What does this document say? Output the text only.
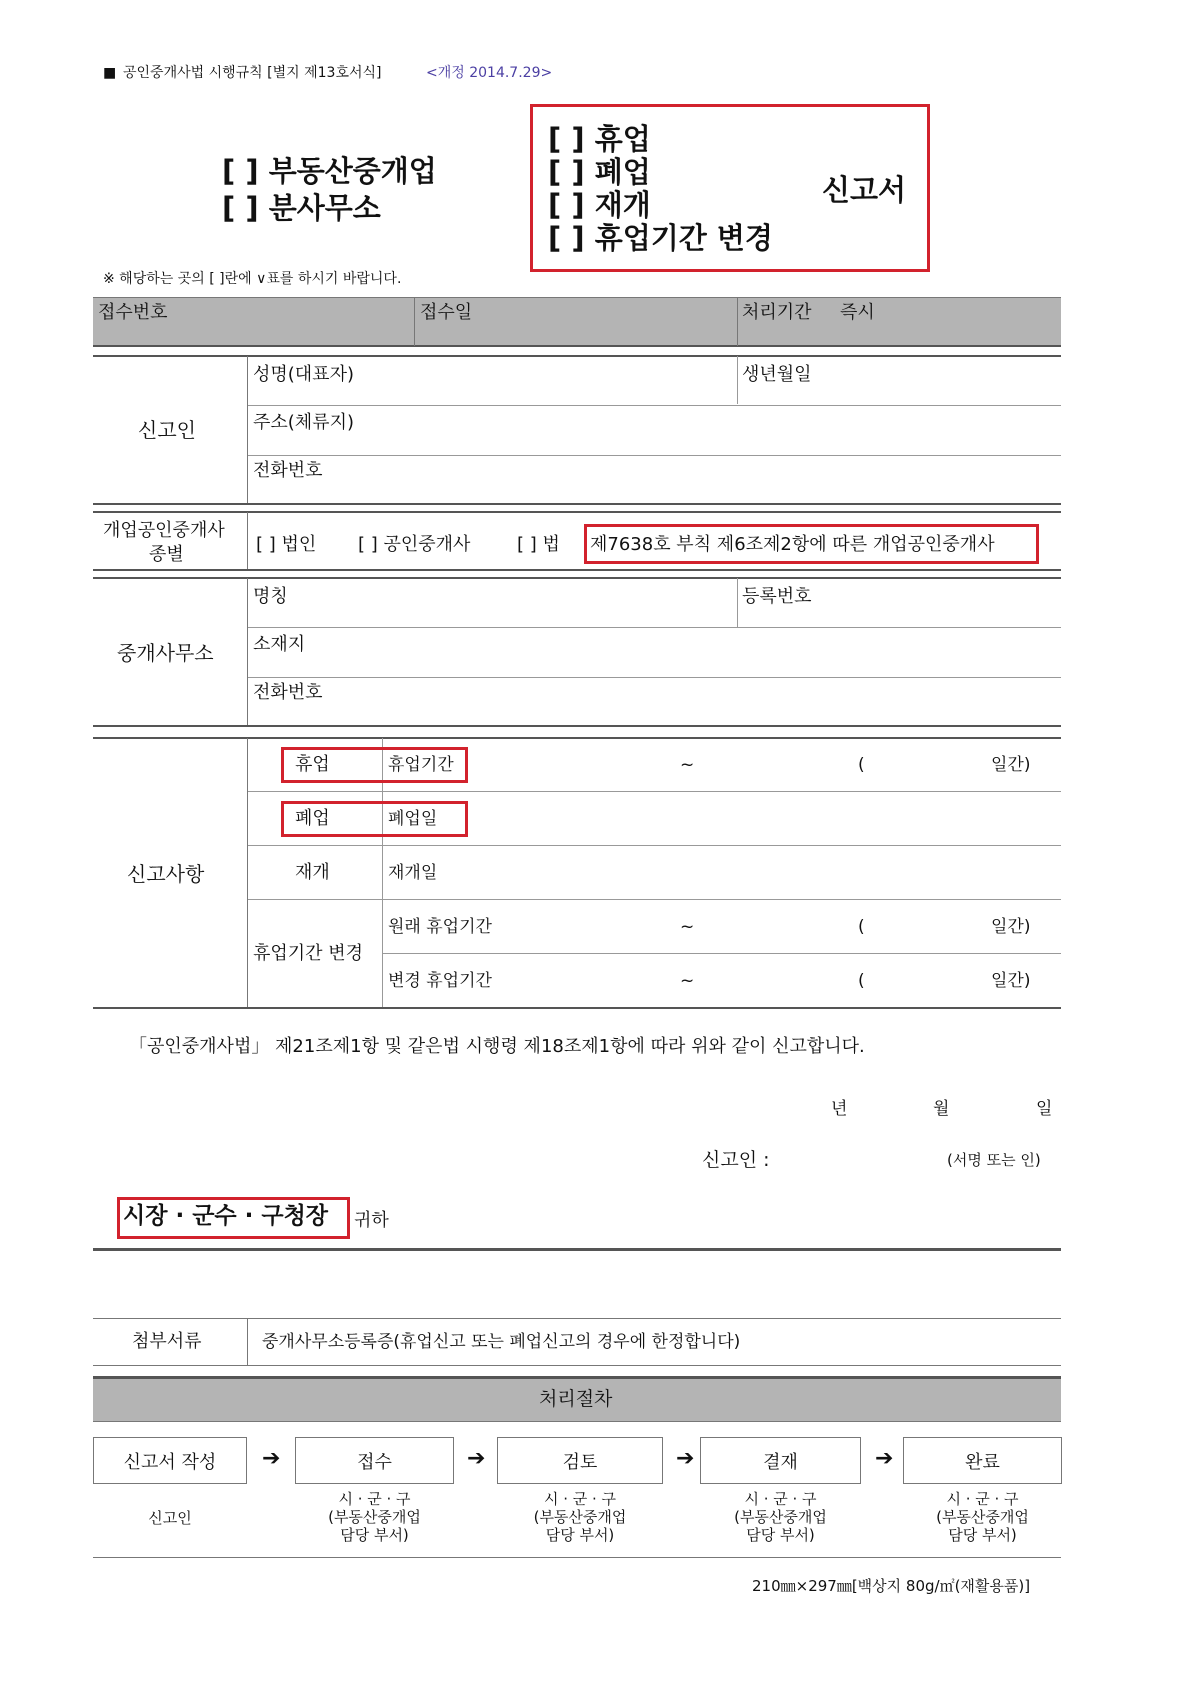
■ 공인중개사법 시행규칙 [별지 제13호서식]	<개정 2014.7.29>
[ ] 부동산중개업
[ ] 분사무소
[ ] 휴업
[ ] 폐업
[ ] 재개
[ ] 휴업기간 변경
신고서
※ 해당하는 곳의 [ ]란에 ∨표를 하시기 바랍니다.
접수번호	접수일	처리기간 즉시
신고인
성명(대표자)	생년월일
주소(체류지)
전화번호
개업공인중개사
종별	[ ] 법인 [ ] 공인중개사	[ ] 법 제7638호 부칙 제6조제2항에 따른 개업공인중개사
중개사무소
명칭	등록번호
소재지
전화번호
신고사항
휴업	휴업기간	~	(	일간)
폐업	폐업일
재개	재개일
휴업기간 변경
원래 휴업기간	~	(	일간)
변경 휴업기간	~	(	일간)
「공인중개사법」 제21조제1항 및 같은법 시행령 제18조제1항에 따라 위와 같이 신고합니다.
년	월	일
신고인 :	(서명 또는 인)
시장 · 군수 · 구청장 귀하
첨부서류	중개사무소등록증(휴업신고 또는 폐업신고의 경우에 한정합니다)
처리절차
신고서 작성 ➔	접수	➔	검토	➔	결재	➔	완료
신고인
시 · 군 · 구
(부동산중개업
담당 부서)
시 · 군 · 구
(부동산중개업
담당 부서)
시 · 군 · 구
(부동산중개업
담당 부서)
시 · 군 · 구
(부동산중개업
담당 부서)
210㎜×297㎜[백상지 80g/㎡(재활용품)]
